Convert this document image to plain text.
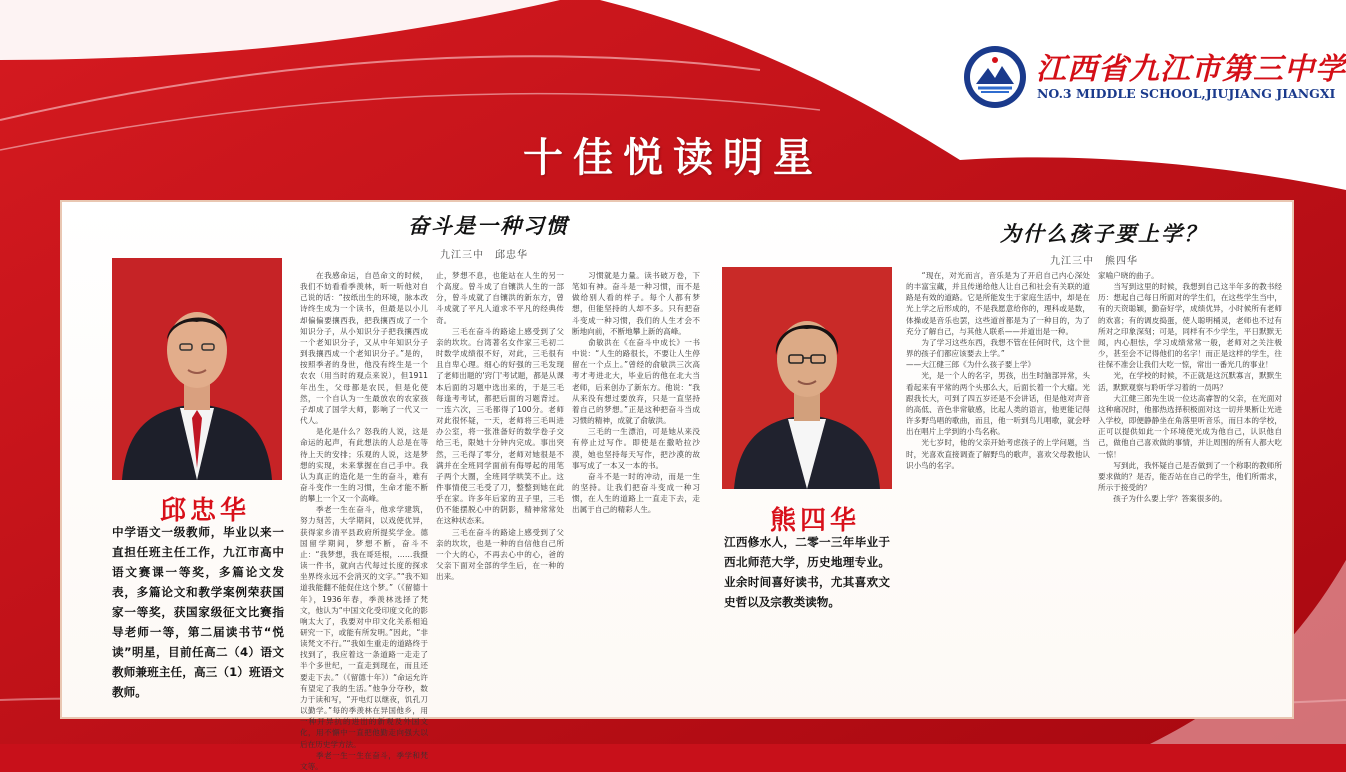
江西省九江市第三中学
NO.3 MIDDLE SCHOOL,JIUJIANG JIANGXI
十佳悦读明星
奋斗是一种习惯
九江三中　邱忠华
邱忠华
中学语文一级教师，毕业以来一直担任班主任工作，九江市高中语文赛课一等奖，多篇论文发表，多篇论文和教学案例荣获国家一等奖，获国家级征文比赛指导老师一等，第二届读书节“悦读”明星，目前任高二（4）语文教师兼班主任，高三（1）班语文教师。
　　在我感命运，自邑命文的时候，我们不妨看看季羡林，听一听他对自己说的话：“按纸出生的环境，脉本改诗终生成为一个读书，但最是以小儿却偏偏要攘西我，把我攘西成了一个知识分子，从小知识分子把我攘西成一个老知识分子，又从中年知识分子到我攘西成一个老知识分子。”是的，按照季者的身世，他没有终生是一个农农（用当时的观点来说），但1911年出生，父母都是农民，但是化使然，一个自认为一生最放农的农家孩子却成了国学大师，影响了一代又一代人。
　　是化是什么？怒我的人说，这是命运的起声，有此想法的人总是在等待上天的安排；乐观的人说，这是梦想的实现，未来掌握在自己手中。我认为真正的造化是一生的奋斗，难有奋斗变作一生的习惯，生命才能不断的攀上一个又一个高峰。
　　季老一生在奋斗，他求学建筑，努力刻苦，大学期间，以戏使优异，获得家乡清平县政府所提奖学金。德国留学期间，梦想不断，奋斗不止：“我梦想，我在哥廷根，……我摄读一件书，就向古代每过长度的探求坐界终永远不会消灭的文字。”“我不知道我能翻不能促住这个梦。”（《留德十年》，1936年春，季羡林选择了梵文，他认为“中国文化受印度文化的影响太大了，我要对中印文化关系相追研究一下，或能有所发明。”因此，“非读梵文不行。”“我如生重走的道路终于找到了，我应着这一条道路一走走了半个多世纪，一直走到现在，而且还要走下去。”（《留德十年》）“命运允许有望定了我的生活。”他争分夺秒，数力于读和写，“开电灯以继夜，饥孔刀以勤学。”每的季羡林在异国他乡，用一种开异抗的进出的新观及外国文化，用不懈中一直把他勤走向强大以后在历史学方法。
　　季老一生一生在奋斗，季学和梵文等。
止，梦想不息，也能站在人生的另一个高度。曾斗成了自镶洪人生的一部分，曾斗成就了自镶洪的新东方，曾斗成就了平凡人道求不平凡的经典传奇。
　　三毛在奋斗的路途上感受到了父亲的坎坎。台湾著名女作家三毛初二时数学成绩很不好，对此，三毛很有且自卑心理。细心的好强的三毛发现了老师出题的'窍门'考试题，都是从课本后面的习题中选出来的，于是三毛每逢考考试，都把后面的习题背过。一连六次，三毛都得了100分。老师对此很怀疑，一天，老师将三毛叫进办公室，将一张准备好的数学卷子交给三毛，限她十分钟内完成。事出突然，三毛得了零分，老师对她很是不满并在全班同学面前有侮辱起的用笔子两个大圈，全班同学哄笑不止。这件事情使三毛受了刀，整整到她在此乎在家。许多年后家的丑子里，三毛仍不能摆脱心中的阴影，精神常常处在这种状态来。
　　三毛在奋斗的路途上感受到了父亲的坎坎，也是一种的自信他自己所一个大的心，不再去心中的心，爸的父亲下面对全部的学生后，在一种的出来。
　　习惯就是力量。读书破万卷，下笔如有神。奋斗是一种习惯，而不是做给别人看的样子。每个人都有梦想，但能坚持的人却不多。只有把奋斗变成一种习惯，我们的人生才会不断地向前，不断地攀上新的高峰。
　　俞敏洪在《在奋斗中成长》一书中说：“人生的路很长，不要让人生停留在一个点上。”曾经的俞敏洪三次高考才考进北大，毕业后的他在北大当老师，后来创办了新东方。他说：“我从来没有想过要放弃，只是一直坚持着自己的梦想。”正是这种把奋斗当成习惯的精神，成就了俞敏洪。
　　三毛的一生漂泊，可是她从来没有停止过写作。即使是在撒哈拉沙漠，她也坚持每天写作，把沙漠的故事写成了一本又一本的书。
　　奋斗不是一时的冲动，而是一生的坚持。让我们把奋斗变成一种习惯，在人生的道路上一直走下去，走出属于自己的精彩人生。
为什么孩子要上学？
九江三中　熊四华
熊四华
江西修水人，二零一三年毕业于西北师范大学，历史地理专业。业余时间喜好读书，尤其喜欢文史哲以及宗教类读物。
　　“现在，对光而言，音乐是为了开启自己内心深处的丰富宝藏，并且传递给他人让自己和社会有关联的道路是有效的道路。它是所能发生于家庭生活中，却是在光上学之后形成的，不是我愿意给你的，理科或是数，体操或是音乐也罢，这些道首都是为了一种目的，为了充分了解自己，与其他人联系——并道出是一种。
　　为了学习这些东西，我想不管在任何时代，这个世界的孩子们都应该要去上学。”
——大江健三郎《为什么孩子要上学》
　　光，是一个人的名字，男孩，出生时脑部异常，头看起来有平常的两个头那么大，后面长着一个大瘤。光跟我长大，可到了四五岁还是不会讲话，但是他对声音的高低、音色非常敏感，比起人类的语言，他更能记得许多野鸟唱的歌曲，而且，他一听到鸟儿唱歌，就会呼出在唱片上学到的小鸟名称。
　　光七岁时，他的父亲开始考虑孩子的上学问题，当时，光喜欢直接调查了解野鸟的歌声，喜欢父母教他认识小鸟的名字。
家喻户晓的曲子。
　　当写到这里的时候，我想到自己这半年多的教书经历：想起自己每日所面对的学生们，在这些学生当中，有的天资聪颖，勤奋好学，成绩优异，小时候所有老师的欢喜；有的调皮捣蛋，使人聪明桶灵，老师也不过有所对之印象深刻；可是，同样有不少学生，平日默默无闻，内心胆怯，学习成绩常常一般，老师对之关注极少，甚至会不记得他们的名字！而正是这样的学生，往往保不准会让我们大吃一惊，常出一番光几的事业！
　　光，在学校的时候，不正就是这沉默寡言，默默生活，默默观察与聆听学习着的一员吗？
　　大江健三郎先生说一位达高睿智的父亲，在光面对这种痛况时，他都热选择积极面对这一切并果断让光进入学校，即便静静坐在角落里听音乐，而日本的学校，正可以提供如此一个环境使光成为他自己，认识他自己，做他自己喜欢做的事情，并让周围的所有人都大吃一惊！
　　写到此，我怀疑自己是否做到了一个称职的教师所要求做的？是否，能否站在自己的学生，他们所需求，所示于接受的？
　　孩子为什么要上学？答案很多的。
